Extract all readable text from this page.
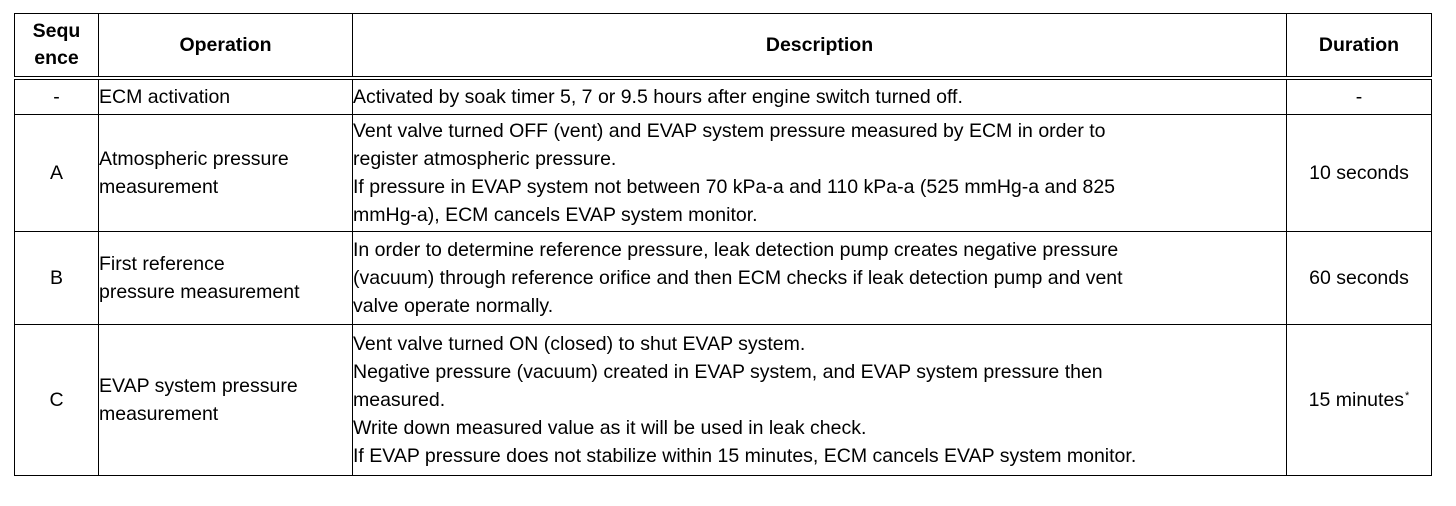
Sequ
ence	Operation	Description	Duration
-	ECM activation	Activated by soak timer 5, 7 or 9.5 hours after engine switch turned off.	-
A	Atmospheric pressure
measurement	Vent valve turned OFF (vent) and EVAP system pressure measured by ECM in order to
register atmospheric pressure.
If pressure in EVAP system not between 70 kPa-a and 110 kPa-a (525 mmHg-a and 825
mmHg-a), ECM cancels EVAP system monitor.	10 seconds
B	First reference
pressure measurement	In order to determine reference pressure, leak detection pump creates negative pressure
(vacuum) through reference orifice and then ECM checks if leak detection pump and vent
valve operate normally.	60 seconds
C	EVAP system pressure
measurement	Vent valve turned ON (closed) to shut EVAP system.
Negative pressure (vacuum) created in EVAP system, and EVAP system pressure then
measured.
Write down measured value as it will be used in leak check.
If EVAP pressure does not stabilize within 15 minutes, ECM cancels EVAP system monitor.	15 minutes*
